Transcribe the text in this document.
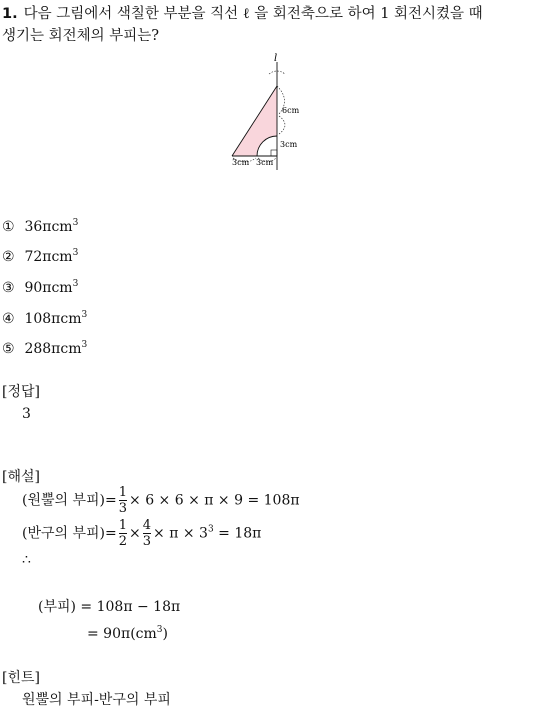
1. 다음 그림에서 색칠한 부분을 직선 ℓ 을 회전축으로 하여 1 회전시켰을 때
생기는 회전체의 부피는?
l
6cm
3cm
3cm 3cm
① 36πcm$^3$
② 72πcm$^3$
③ 90πcm$^3$
④ 108πcm$^3$
⑤ 288πcm$^3$
[정답]
3
[해설]
(원뿔의 부피)= $\frac{1}{3} \times 6 \times 6 \times \pi \times 9 = 108\pi$
(반구의 부피)= $\frac{1}{2} \times \frac{4}{3} \times \pi \times 3^3 = 18\pi$
∴
(부피) = 108π − 18π
= $90\pi(cm^3)$
[힌트]
원뿔의 부피-반구의 부피
